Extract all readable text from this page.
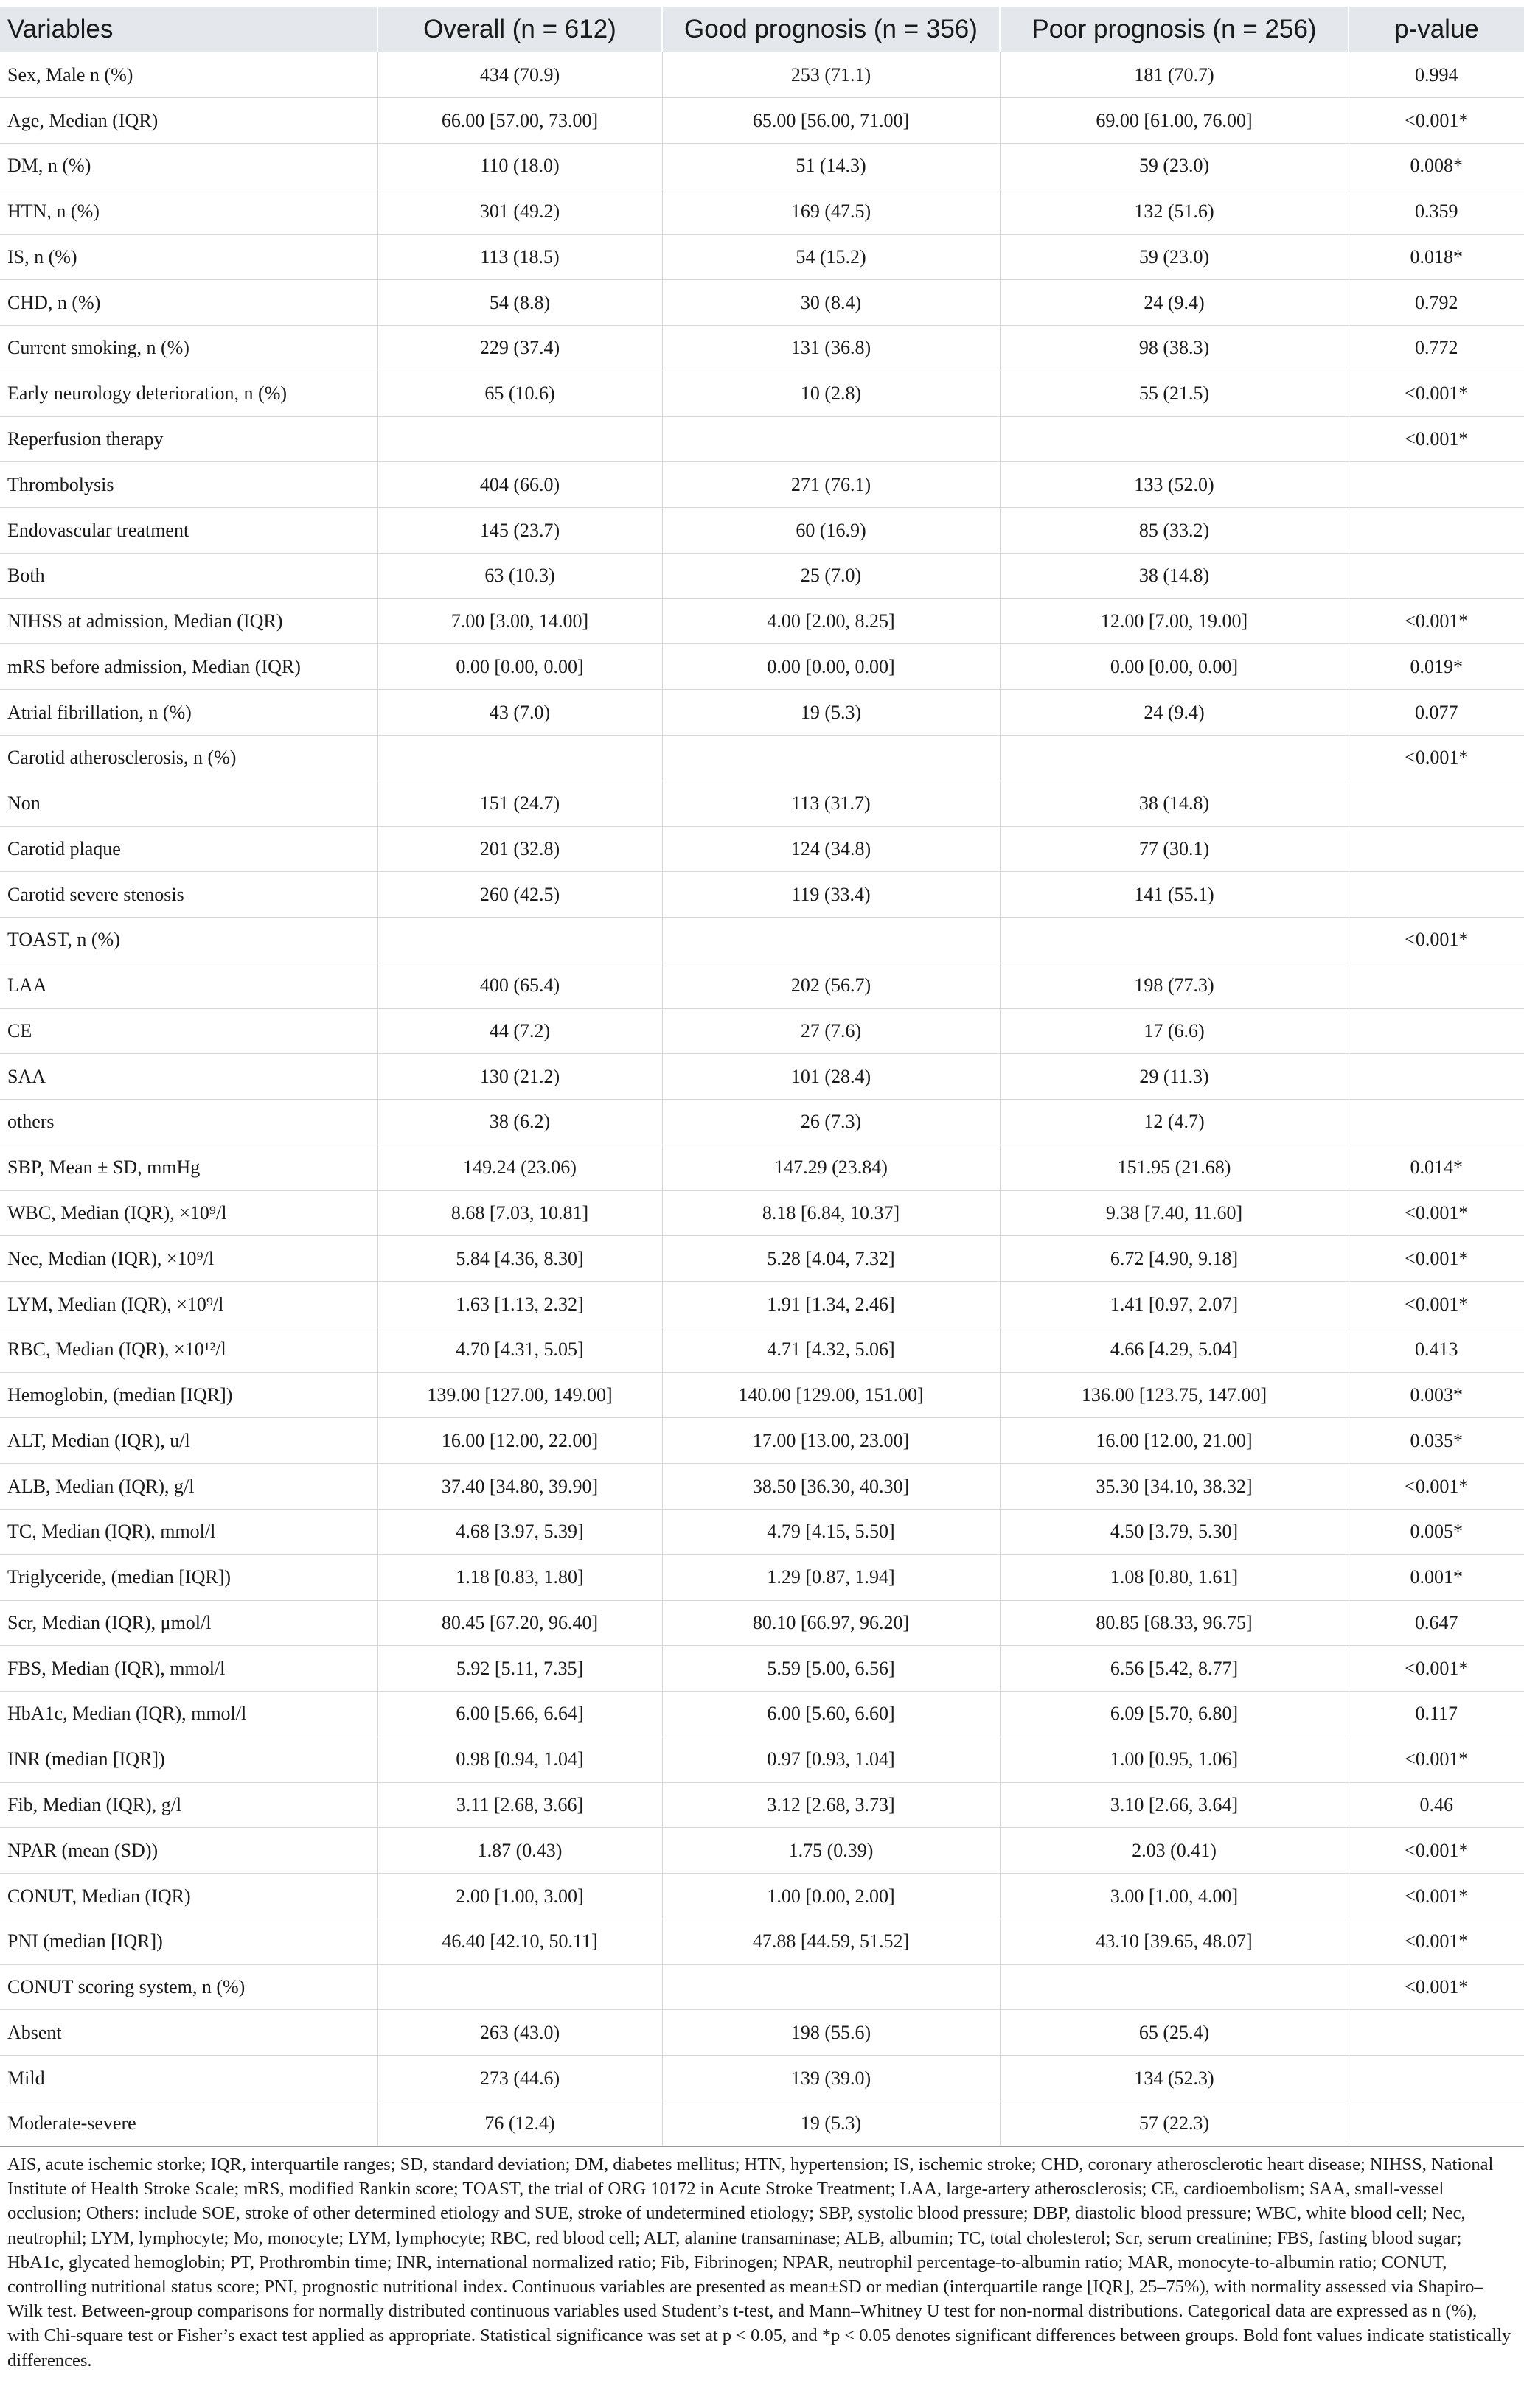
Variables	Overall (n = 612)	Good prognosis (n = 356)	Poor prognosis (n = 256)	p-value
Sex, Male n (%)	434 (70.9)	253 (71.1)	181 (70.7)	0.994
Age, Median (IQR)	66.00 [57.00, 73.00]	65.00 [56.00, 71.00]	69.00 [61.00, 76.00]	<0.001*
DM, n (%)	110 (18.0)	51 (14.3)	59 (23.0)	0.008*
HTN, n (%)	301 (49.2)	169 (47.5)	132 (51.6)	0.359
IS, n (%)	113 (18.5)	54 (15.2)	59 (23.0)	0.018*
CHD, n (%)	54 (8.8)	30 (8.4)	24 (9.4)	0.792
Current smoking, n (%)	229 (37.4)	131 (36.8)	98 (38.3)	0.772
Early neurology deterioration, n (%)	65 (10.6)	10 (2.8)	55 (21.5)	<0.001*
Reperfusion therapy				<0.001*
Thrombolysis	404 (66.0)	271 (76.1)	133 (52.0)	
Endovascular treatment	145 (23.7)	60 (16.9)	85 (33.2)	
Both	63 (10.3)	25 (7.0)	38 (14.8)	
NIHSS at admission, Median (IQR)	7.00 [3.00, 14.00]	4.00 [2.00, 8.25]	12.00 [7.00, 19.00]	<0.001*
mRS before admission, Median (IQR)	0.00 [0.00, 0.00]	0.00 [0.00, 0.00]	0.00 [0.00, 0.00]	0.019*
Atrial fibrillation, n (%)	43 (7.0)	19 (5.3)	24 (9.4)	0.077
Carotid atherosclerosis, n (%)				<0.001*
Non	151 (24.7)	113 (31.7)	38 (14.8)	
Carotid plaque	201 (32.8)	124 (34.8)	77 (30.1)	
Carotid severe stenosis	260 (42.5)	119 (33.4)	141 (55.1)	
TOAST, n (%)				<0.001*
LAA	400 (65.4)	202 (56.7)	198 (77.3)	
CE	44 (7.2)	27 (7.6)	17 (6.6)	
SAA	130 (21.2)	101 (28.4)	29 (11.3)	
others	38 (6.2)	26 (7.3)	12 (4.7)	
SBP, Mean ± SD, mmHg	149.24 (23.06)	147.29 (23.84)	151.95 (21.68)	0.014*
WBC, Median (IQR), ×10⁹/l	8.68 [7.03, 10.81]	8.18 [6.84, 10.37]	9.38 [7.40, 11.60]	<0.001*
Nec, Median (IQR), ×10⁹/l	5.84 [4.36, 8.30]	5.28 [4.04, 7.32]	6.72 [4.90, 9.18]	<0.001*
LYM, Median (IQR), ×10⁹/l	1.63 [1.13, 2.32]	1.91 [1.34, 2.46]	1.41 [0.97, 2.07]	<0.001*
RBC, Median (IQR), ×10¹²/l	4.70 [4.31, 5.05]	4.71 [4.32, 5.06]	4.66 [4.29, 5.04]	0.413
Hemoglobin, (median [IQR])	139.00 [127.00, 149.00]	140.00 [129.00, 151.00]	136.00 [123.75, 147.00]	0.003*
ALT, Median (IQR), u/l	16.00 [12.00, 22.00]	17.00 [13.00, 23.00]	16.00 [12.00, 21.00]	0.035*
ALB, Median (IQR), g/l	37.40 [34.80, 39.90]	38.50 [36.30, 40.30]	35.30 [34.10, 38.32]	<0.001*
TC, Median (IQR), mmol/l	4.68 [3.97, 5.39]	4.79 [4.15, 5.50]	4.50 [3.79, 5.30]	0.005*
Triglyceride, (median [IQR])	1.18 [0.83, 1.80]	1.29 [0.87, 1.94]	1.08 [0.80, 1.61]	0.001*
Scr, Median (IQR), μmol/l	80.45 [67.20, 96.40]	80.10 [66.97, 96.20]	80.85 [68.33, 96.75]	0.647
FBS, Median (IQR), mmol/l	5.92 [5.11, 7.35]	5.59 [5.00, 6.56]	6.56 [5.42, 8.77]	<0.001*
HbA1c, Median (IQR), mmol/l	6.00 [5.66, 6.64]	6.00 [5.60, 6.60]	6.09 [5.70, 6.80]	0.117
INR (median [IQR])	0.98 [0.94, 1.04]	0.97 [0.93, 1.04]	1.00 [0.95, 1.06]	<0.001*
Fib, Median (IQR), g/l	3.11 [2.68, 3.66]	3.12 [2.68, 3.73]	3.10 [2.66, 3.64]	0.46
NPAR (mean (SD))	1.87 (0.43)	1.75 (0.39)	2.03 (0.41)	<0.001*
CONUT, Median (IQR)	2.00 [1.00, 3.00]	1.00 [0.00, 2.00]	3.00 [1.00, 4.00]	<0.001*
PNI (median [IQR])	46.40 [42.10, 50.11]	47.88 [44.59, 51.52]	43.10 [39.65, 48.07]	<0.001*
CONUT scoring system, n (%)				<0.001*
Absent	263 (43.0)	198 (55.6)	65 (25.4)	
Mild	273 (44.6)	139 (39.0)	134 (52.3)	
Moderate-severe	76 (12.4)	19 (5.3)	57 (22.3)	
AIS, acute ischemic storke; IQR, interquartile ranges; SD, standard deviation; DM, diabetes mellitus; HTN, hypertension; IS, ischemic stroke; CHD, coronary atherosclerotic heart disease; NIHSS, National Institute of Health Stroke Scale; mRS, modified Rankin score; TOAST, the trial of ORG 10172 in Acute Stroke Treatment; LAA, large-artery atherosclerosis; CE, cardioembolism; SAA, small-vessel occlusion; Others: include SOE, stroke of other determined etiology and SUE, stroke of undetermined etiology; SBP, systolic blood pressure; DBP, diastolic blood pressure; WBC, white blood cell; Nec, neutrophil; LYM, lymphocyte; Mo, monocyte; LYM, lymphocyte; RBC, red blood cell; ALT, alanine transaminase; ALB, albumin; TC, total cholesterol; Scr, serum creatinine; FBS, fasting blood sugar; HbA1c, glycated hemoglobin; PT, Prothrombin time; INR, international normalized ratio; Fib, Fibrinogen; NPAR, neutrophil percentage-to-albumin ratio; MAR, monocyte-to-albumin ratio; CONUT, controlling nutritional status score; PNI, prognostic nutritional index. Continuous variables are presented as mean±SD or median (interquartile range [IQR], 25–75%), with normality assessed via Shapiro–Wilk test. Between-group comparisons for normally distributed continuous variables used Student’s t-test, and Mann–Whitney U test for non-normal distributions. Categorical data are expressed as n (%), with Chi-square test or Fisher’s exact test applied as appropriate. Statistical significance was set at p < 0.05, and *p < 0.05 denotes significant differences between groups. Bold font values indicate statistically differences.
